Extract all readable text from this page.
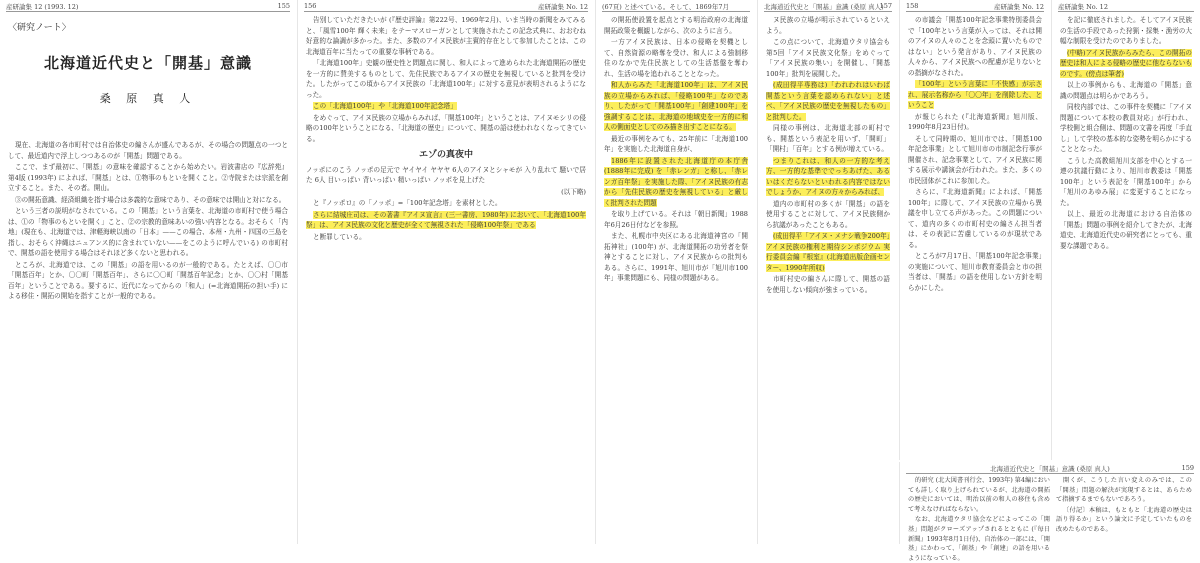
産研論集 12 (1993. 12)	155
〈研究ノート〉
北海道近代史と「開基」意識
桑 原 真 人

現在、北海道の各市町村では自治体史の編さんが盛んであるが、その場合の問題点の一つとして、最近道内で浮上しつつあるのが「開基」問題である。

ここで、まず最初に、「開基」の意味を確認することから始めたい。岩波書店の『広辞苑』第4版 (1993年) によれば、「開基」とは、①物事のもといを開くこと。②寺院または宗派を創立すること。また、その者。開山。

③の開拓意識、経済組織を指す場合は多義的な意味であり、その意味では開山と対になる。

という三者の説明がなされている。この「開基」という言葉を、北海道の市町村で使う場合は、①の「物事のもといを開く」こと、②の宗教的意味あいの強い内容となる。おそらく「内地」(現在も、北海道では、津軽海峡以南の「日本」——この場合、本州・九州・四国の三島を指し、おそらく沖縄はニュアンス的に含まれていない——をこのように呼んでいる) の市町村で、開基の語を使用する場合はそれほど多くないと思われる。

ところが、北海道では、この「開基」の語を用いるのが一般的である。たとえば、〇〇市「開基百年」とか、〇〇町「開基百年」、さらに〇〇町「開基百年記念」とか、〇〇村「開基百年」ということである。要するに、近代になってからの「和人」(=北海道開拓の担い手) による移住・開拓の開始を指すことが一般的である。

156	産研論集 No. 12

告別していただきたいが (『歴史評論』第222号、1969年2月)、いま当時の新聞をみてみると、「風雪100年 輝く未来」をテーマスローガンとして実施されたこの記念式典に、おおむね好意的な論調が多かった。また、多数のアイヌ民族が主賓的存在として参加したことは、この北海道百年に当たっての重要な事柄である。

「北海道100年」史観の歴史性と問題点に関し、和人によって進められた北海道開拓の歴史を一方的に賛美するものとして、先住民族であるアイヌの歴史を無視していると批判を受けた。したがってこの頃からアイヌ民族の「北海道100年」に対する意見が表明されるようになった。

この「北海道100年」や「北海道100年記念塔」

をめぐって、アイヌ民族の立場からみれば、「開基100年」ということは、アイヌモシリの侵略の100年ということになる、「北海道の歴史」について、開基の語は使われなくなってきている。

エゾの真夜中

ノッポにのこう ノッポの足元で ヤイヤイ ヤヤヤ 6人のアイヌとシャモが 入り乱れて 騒いで居た 6人 目いっぱい 背いっぱい 精いっぱい ノッポを見上げた

(以下略)

と『ノッポロ』の「ノッポ」=「100年記念塔」を素材とした。

さらに結城庄司は、その著書『アイヌ宣言』(三一書房、1980年) において、「北海道100年祭」は、アイヌ民族の文化と歴史が全くて無視された「侵略100年祭」である

と断罪している。

(67頁) と述べている。そして、1869年7月

の開拓使設置を起点とする明治政府の北海道開拓政策を概観しながら、次のように言う。

一方アイヌ民族は、日本の侵略を契機として、自然資源の略奪を受け、和人による強制移住のなかで先住民族としての生活基盤を奪われ、生活の場を追われることとなった。

和人からみた「北海道100年」は、アイヌ民族の立場からみれば、「侵略100年」なのであり、したがって「開基100年」「創建100年」を強調することは、北海道の地域史を一方的に和人の側面史としてのみ描き出すことになる。

最近の事例をみても、25年前に「北海道100年」を実施した北海道自身が、

1886年に設置された北海道庁の本庁舎 (1888年に完成) を「赤レンガ」と称し、「赤レンガ百年祭」を実施した際、「アイヌ民族の有志から「先住民族の歴史を無視している」と厳しく批判された問題

を取り上げている。それは「朝日新聞」1988年6月26日付などを参照。

また、札幌市中央区にある北海道神宮の「開拓神社」(100年) が、北海道開拓の功労者を祭神とすることに対し、アイヌ民族からの批判もある。さらに、1991年、旭川市が「旭川市100年」事業問題にも、同様の問題がある。

北海道近代史と「開基」意識 (桑原 真人)
157

ヌ民族の立場が明示されているといえよう。

この点について、北海道ウタリ協会も第5回「アイヌ民族文化祭」をめぐって「アイヌ民族の集い」を開催し、「開基100年」批判を展開した。

(成田得平専務は)「われわれはいわば開基という言葉を認められない」と述べ、「アイヌ民族の歴史を無視したもの」と批判した。

同様の事例は、北海道北部の町村でも、開基という表記を用いず、「開町」「開村」「百年」とする例が増えている。

つまりこれは、和人の一方的な考え方、一方的な基準ででっちあげた、あるいはくだらないといわれる内容ではないでしょうか、アイヌの方々からみれば、

道内の市町村の多くが「開基」の語を使用することに対して、アイヌ民族側から抗議があったこともある。

(成田得平「アイヌ・メナシ戦争200年」アイヌ民族の権利と期待シンポジウム 実行委員会編『根室』(北海道出版企画センター、1990年所収)

市町村史の編さんに際して、開基の語を使用しない傾向が強まっている。

158	産研論集 No. 12

の市議会「開基100年記念事業特別委員会で「100年という言葉が入っては、それは開のアイヌの人々のことを念頭に置いたものではない」という発言があり、アイヌ民族の人々から、アイヌ民族への配慮が足りないとの指摘がなされた。

「100年」という言葉に「不快感」が示され、展示名称から「〇〇年」を削除した、ということ

が報じられた (『北海道新聞』旭川版、1990年8月23日付)。

そして同時期の、旭川市では、「開基100年記念事業」として旭川市の市制記念行事が開催され、記念事業として、アイヌ民族に関する展示や講演会が行われた。また、多くの市民団体がこれに参加した。

さらに、『北海道新聞』によれば、「開基100年」に際して、アイヌ民族の立場から異議を申し立てる声があった。この問題について、道内の多くの市町村史の編さん担当者は、その表記に苦慮しているのが現状である。

ところが7月17日、「開基100年記念事業」の実施について、旭川市教育委員会と市の担当者は、「開基」の語を使用しない方針を明らかにした。

産研論集 No. 12

を記に徹底されました。そしてアイヌ民族の生活の手段であった狩猟・採集・漁労の大幅な制限を受けたのでありました。

(中略)アイヌ民族からみたら、この開拓の歴史は和人による侵略の歴史に他ならないものです。(傍点は筆者)

以上の事例からも、北海道の「開基」意識の問題点は明らかであろう。

同校内部では、この事件を契機に「アイヌ問題について本校の教員対応」が行われ、学校側と組合側は、問題の文書を再度「手直し」して学校の基本的な姿勢を明らかにすることとなった。

こうした高教組旭川支部を中心とする一連の抗議行動により、旭川市教委は「開基100年」という表記を「開基100年」から「旭川のあゆみ展」に変更することになった。

以上、最近の北海道における自治体の「開基」問題の事例を紹介してきたが、北海道史、北海道近代史の研究者にとっても、重要な課題である。

北海道近代史と「開基」意識 (桑原 真人)	159

的研究 (北大図書刊行会、1993年) 第4編においても詳しく取り上げられているが、北海道の開拓の歴史においては、明治以前の和人の移住も含めて考えなければならない。

なお、北海道ウタリ協会などによってこの「開基」問題がクローズアップされるとともに (『毎日新聞』1993年8月1日付)、自治体の一部には、「開基」にかわって、「創基」や「創建」の語を用いるようになっている。

開くが、こうした言い変えのみでは、この「開基」問題の解決が実現するとは、あらためて指摘するまでもないであろう。

〔付記〕本稿は、もともと「北海道の歴史は語り得るか」という論文に予定していたものを改めたものである。
